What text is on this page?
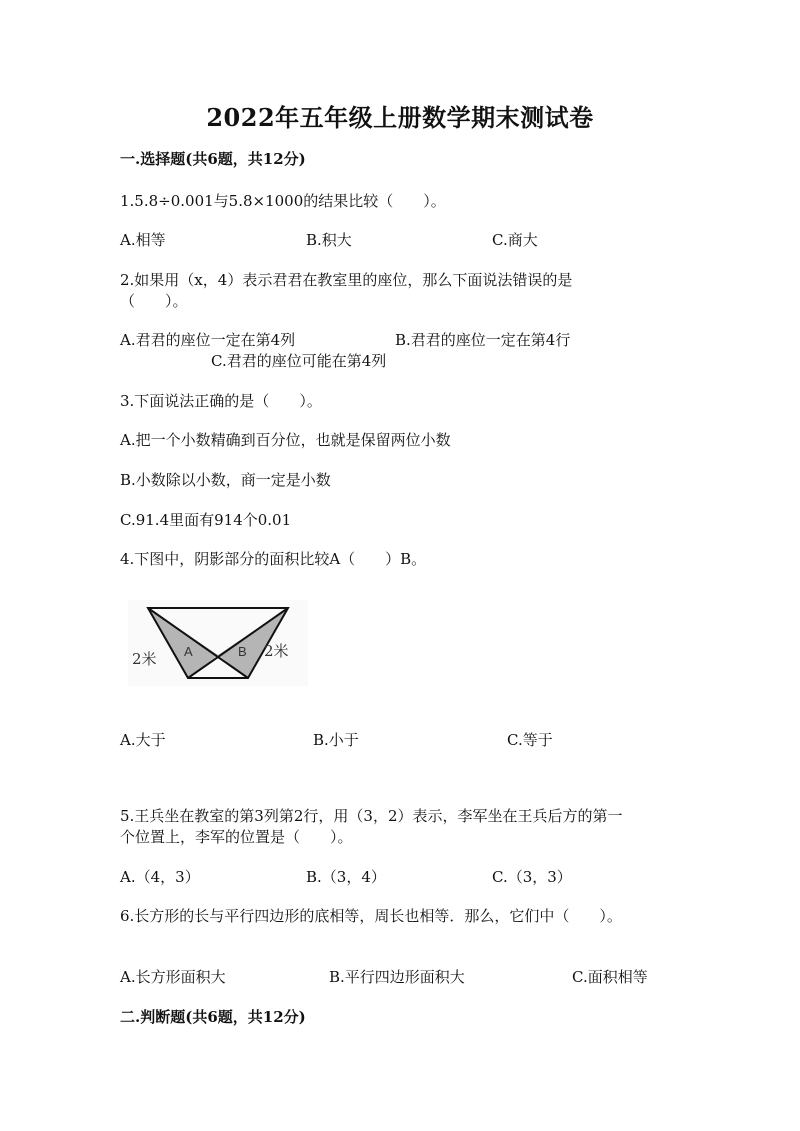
2022年五年级上册数学期末测试卷
一.选择题(共6题，共12分)
1.5.8÷0.001与5.8×1000的结果比较（　　）。
A.相等	B.积大	C.商大
2.如果用（x，4）表示君君在教室里的座位，那么下面说法错误的是
（　　）。
A.君君的座位一定在第4列	B.君君的座位一定在第4行
C.君君的座位可能在第4列
3.下面说法正确的是（　　）。
A.把一个小数精确到百分位，也就是保留两位小数
B.小数除以小数，商一定是小数
C.91.4里面有914个0.01
4.下图中，阴影部分的面积比较A（　　）B。
A	B
2米	2米
A.大于	B.小于	C.等于
5.王兵坐在教室的第3列第2行，用（3，2）表示，李军坐在王兵后方的第一
个位置上，李军的位置是（　　）。
A.（4，3）	B.（3，4）	C.（3，3）
6.长方形的长与平行四边形的底相等，周长也相等．那么，它们中（　　）。
A.长方形面积大	B.平行四边形面积大	C.面积相等
二.判断题(共6题，共12分)
